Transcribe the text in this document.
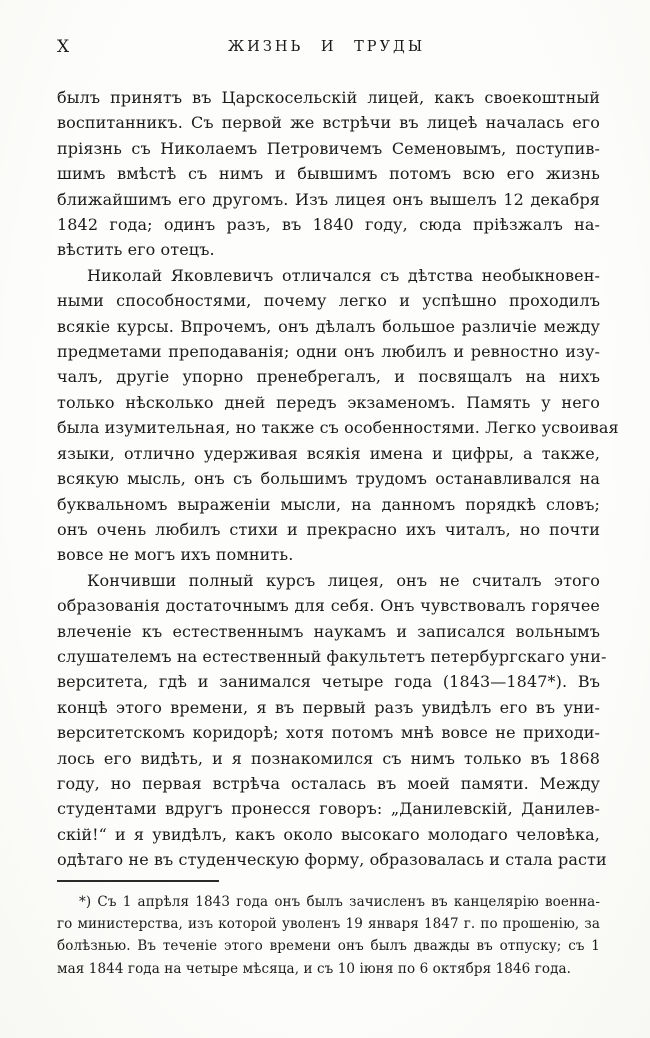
X	ЖИЗНЬ И ТРУДЫ
былъ принятъ въ Царскосельскій лицей, какъ своекоштный
воспитанникъ. Съ первой же встрѣчи въ лицеѣ началась его
пріязнь съ Николаемъ Петровичемъ Семеновымъ, поступив-
шимъ вмѣстѣ съ нимъ и бывшимъ потомъ всю его жизнь
ближайшимъ его другомъ. Изъ лицея онъ вышелъ 12 декабря
1842 года; одинъ разъ, въ 1840 году, сюда пріѣзжалъ на-
вѣстить его отецъ.
Николай Яковлевичъ отличался съ дѣтства необыкновен-
ными способностями, почему легко и успѣшно проходилъ
всякіе курсы. Впрочемъ, онъ дѣлалъ большое различіе между
предметами преподаванія; одни онъ любилъ и ревностно изу-
чалъ, другіе упорно пренебрегалъ, и посвящалъ на нихъ
только нѣсколько дней передъ экзаменомъ. Память у него
была изумительная, но также съ особенностями. Легко усвоивая
языки, отлично удерживая всякія имена и цифры, а также,
всякую мысль, онъ съ большимъ трудомъ останавливался на
буквальномъ выраженіи мысли, на данномъ порядкѣ словъ;
онъ очень любилъ стихи и прекрасно ихъ читалъ, но почти
вовсе не могъ ихъ помнить.
Кончивши полный курсъ лицея, онъ не считалъ этого
образованія достаточнымъ для себя. Онъ чувствовалъ горячее
влеченіе къ естественнымъ наукамъ и записался вольнымъ
слушателемъ на естественный факультетъ петербургскаго уни-
верситета, гдѣ и занимался четыре года (1843—1847*). Въ
концѣ этого времени, я въ первый разъ увидѣлъ его въ уни-
верситетскомъ коридорѣ; хотя потомъ мнѣ вовсе не приходи-
лось его видѣть, и я познакомился съ нимъ только въ 1868
году, но первая встрѣча осталась въ моей памяти. Между
студентами вдругъ пронесся говоръ: „Данилевскій, Данилев-
скій!“ и я увидѣлъ, какъ около высокаго молодаго человѣка,
одѣтаго не въ студенческую форму, образовалась и стала расти
*) Съ 1 апрѣля 1843 года онъ былъ зачисленъ въ канцелярію военна-
го министерства, изъ которой уволенъ 19 января 1847 г. по прошенію, за
болѣзнью. Въ теченіе этого времени онъ былъ дважды въ отпуску; съ 1
мая 1844 года на четыре мѣсяца, и съ 10 іюня по 6 октября 1846 года.
